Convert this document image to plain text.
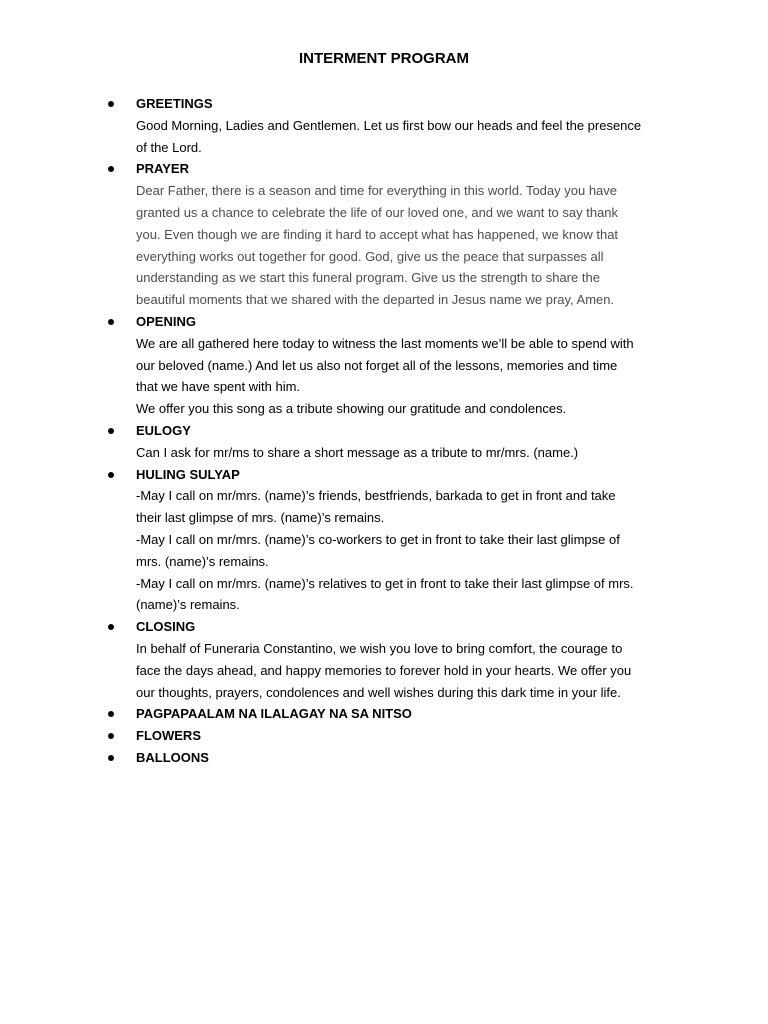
INTERMENT PROGRAM
GREETINGS
Good Morning, Ladies and Gentlemen. Let us first bow our heads and feel the presence
of the Lord.
PRAYER
Dear Father, there is a season and time for everything in this world. Today you have
granted us a chance to celebrate the life of our loved one, and we want to say thank
you. Even though we are finding it hard to accept what has happened, we know that
everything works out together for good. God, give us the peace that surpasses all
understanding as we start this funeral program. Give us the strength to share the
beautiful moments that we shared with the departed in Jesus name we pray, Amen.
OPENING
We are all gathered here today to witness the last moments we’ll be able to spend with
our beloved (name.) And let us also not forget all of the lessons, memories and time
that we have spent with him.
We offer you this song as a tribute showing our gratitude and condolences.
EULOGY
Can I ask for mr/ms to share a short message as a tribute to mr/mrs. (name.)
HULING SULYAP
-May I call on mr/mrs. (name)’s friends, bestfriends, barkada to get in front and take
their last glimpse of mrs. (name)’s remains.
-May I call on mr/mrs. (name)’s co-workers to get in front to take their last glimpse of
mrs. (name)’s remains.
-May I call on mr/mrs. (name)’s relatives to get in front to take their last glimpse of mrs.
(name)’s remains.
CLOSING
In behalf of Funeraria Constantino, we wish you love to bring comfort, the courage to
face the days ahead, and happy memories to forever hold in your hearts. We offer you
our thoughts, prayers, condolences and well wishes during this dark time in your life.
PAGPAPAALAM NA ILALAGAY NA SA NITSO
FLOWERS
BALLOONS
